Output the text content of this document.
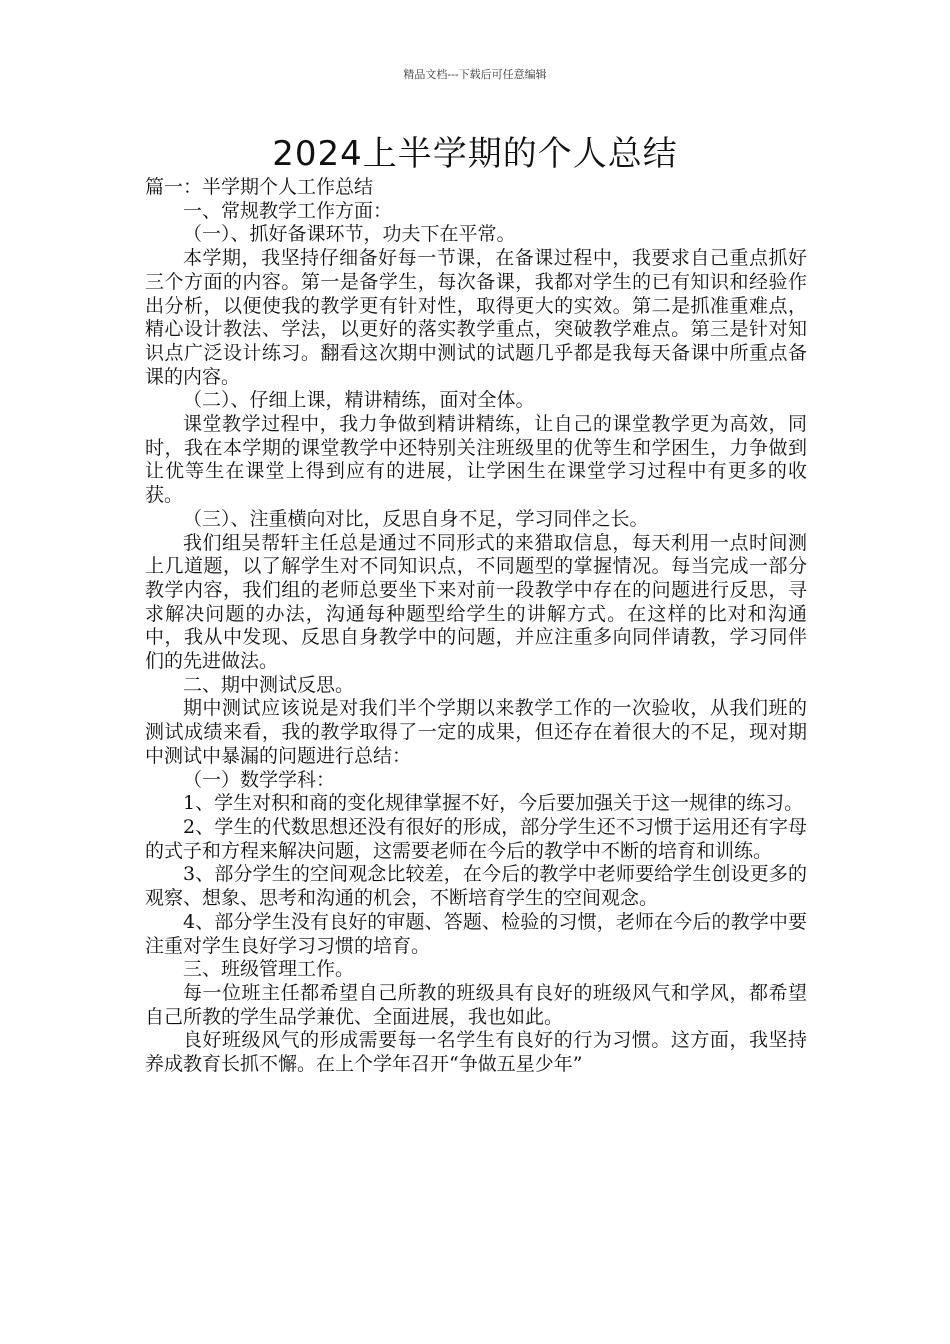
精品文档---下载后可任意编辑
2024上半学期的个人总结

篇一：半学期个人工作总结

一、常规教学工作方面：

（一）、抓好备课环节，功夫下在平常。

本学期，我坚持仔细备好每一节课，在备课过程中，我要求自己重点抓好三个方面的内容。第一是备学生，每次备课，我都对学生的已有知识和经验作出分析，以便使我的教学更有针对性，取得更大的实效。第二是抓准重难点，精心设计教法、学法，以更好的落实教学重点，突破教学难点。第三是针对知识点广泛设计练习。翻看这次期中测试的试题几乎都是我每天备课中所重点备课的内容。

（二）、仔细上课，精讲精练，面对全体。

课堂教学过程中，我力争做到精讲精练，让自己的课堂教学更为高效，同时，我在本学期的课堂教学中还特别关注班级里的优等生和学困生，力争做到让优等生在课堂上得到应有的进展，让学困生在课堂学习过程中有更多的收获。

（三）、注重横向对比，反思自身不足，学习同伴之长。

我们组吴帮轩主任总是通过不同形式的来猎取信息，每天利用一点时间测上几道题，以了解学生对不同知识点，不同题型的掌握情况。每当完成一部分教学内容，我们组的老师总要坐下来对前一段教学中存在的问题进行反思，寻求解决问题的办法，沟通每种题型给学生的讲解方式。在这样的比对和沟通中，我从中发现、反思自身教学中的问题，并应注重多向同伴请教，学习同伴们的先进做法。

二、期中测试反思。

期中测试应该说是对我们半个学期以来教学工作的一次验收，从我们班的测试成绩来看，我的教学取得了一定的成果，但还存在着很大的不足，现对期中测试中暴漏的问题进行总结：

（一）数学学科：

1、学生对积和商的变化规律掌握不好，今后要加强关于这一规律的练习。

2、学生的代数思想还没有很好的形成，部分学生还不习惯于运用还有字母的式子和方程来解决问题，这需要老师在今后的教学中不断的培育和训练。

3、部分学生的空间观念比较差，在今后的教学中老师要给学生创设更多的观察、想象、思考和沟通的机会，不断培育学生的空间观念。

4、部分学生没有良好的审题、答题、检验的习惯，老师在今后的教学中要注重对学生良好学习习惯的培育。

三、班级管理工作。

每一位班主任都希望自己所教的班级具有良好的班级风气和学风，都希望自己所教的学生品学兼优、全面进展，我也如此。

良好班级风气的形成需要每一名学生有良好的行为习惯。这方面，我坚持养成教育长抓不懈。在上个学年召开“争做五星少年”
